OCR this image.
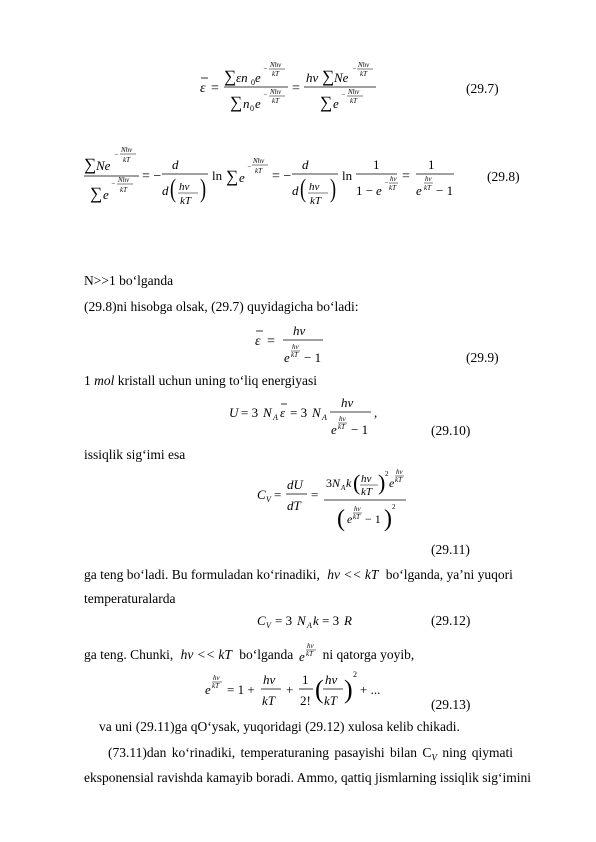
ε =
∑ εn 0 e
− Nhν
kT
∑ n 0 e
− Nhν
kT
=
hν ∑ Ne
− Nhν
kT
∑ e
− Nhν
kT
(29.7)
∑ Ne
−
Nhν
kT
∑ e
− Nhν
kT
= −
d
d ( hν
kT ) ln ∑ e
−
Nhν
kT = −
d
d ( hν
kT ) ln
1
1 − e − hν
kT
=
1
e
hν
kT − 1
(29.8)
N>>1 bo‘lganda
(29.8)ni hisobga olsak, (29.7) quyidagicha bo‘ladi:
ε =
hν
e
hν
kT − 1	(29.9)
1 mol kristall uchun uning to‘liq energiyasi
U = 3 N A ε = 3 N A
hν
e
hν
kT − 1
,
(29.10)
issiqlik sig‘imi esa
C V =
dU
dT
=
3 N A k ( hν
kT ) 2
e
hν
kT
( e
hν
kT − 1 ) 2
(29.11)
ga teng bo‘ladi. Bu formuladan ko‘rinadiki, hν << kT bo‘lganda, ya’ni yuqori
temperaturalarda
C V = 3 N A k = 3 R	(29.12)
ga teng. Chunki, hν << kT bo‘lganda e
hν
kT ni qatorga yoyib,
e
hν
kT = 1 +
hν
kT
+
1
2! ( hν
kT )
2
+ ...
(29.13)
va uni (29.11)ga qO‘ysak, yuqoridagi (29.12) xulosa kelib chikadi.
(73.11)dan ko‘rinadiki, temperaturaning pasayishi bilan $C_V$ ning qiymati
eksponensial ravishda kamayib boradi. Ammo, qattiq jismlarning issiqlik sig‘imini
